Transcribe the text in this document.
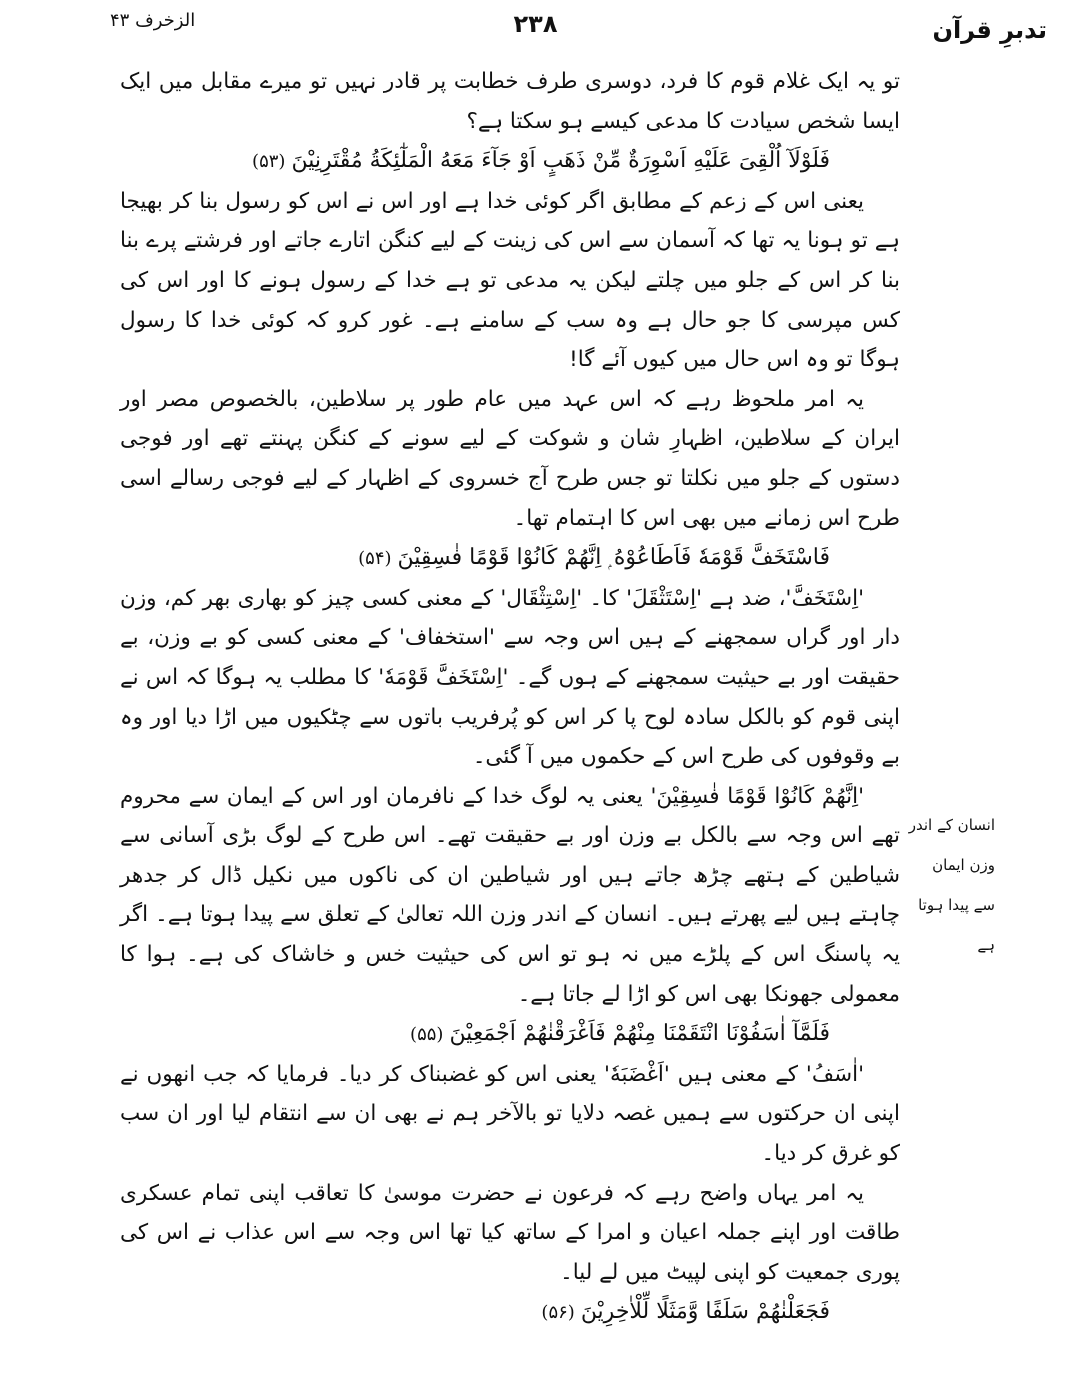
تدبرِ قرآن
۲۳۸
الزخرف ۴۳

تو یہ ایک غلام قوم کا فرد، دوسری طرف خطابت پر قادر نہیں تو میرے مقابل میں ایک ایسا شخص سیادت کا مدعی کیسے ہو سکتا ہے؟

فَلَوْلَآ اُلْقِیَ عَلَیْهِ اَسْوِرَةٌ مِّنْ ذَهَبٍ اَوْ جَآءَ مَعَهُ الْمَلٰٓئِكَةُ مُقْتَرِنِیْنَ(۵۳)

یعنی اس کے زعم کے مطابق اگر کوئی خدا ہے اور اس نے اس کو رسول بنا کر بھیجا ہے تو ہونا یہ تھا کہ آسمان سے اس کی زینت کے لیے کنگن اتارے جاتے اور فرشتے پرے بنا بنا کر اس کے جلو میں چلتے لیکن یہ مدعی تو ہے خدا کے رسول ہونے کا اور اس کی کس مپرسی کا جو حال ہے وہ سب کے سامنے ہے۔ غور کرو کہ کوئی خدا کا رسول ہوگا تو وہ اس حال میں کیوں آئے گا!

یہ امر ملحوظ رہے کہ اس عہد میں عام طور پر سلاطین، بالخصوص مصر اور ایران کے سلاطین، اظہارِ شان و شوکت کے لیے سونے کے کنگن پہنتے تھے اور فوجی دستوں کے جلو میں نکلتا تو جس طرح آج خسروی کے اظہار کے لیے فوجی رسالے اسی طرح اس زمانے میں بھی اس کا اہتمام تھا۔

فَاسْتَخَفَّ قَوْمَهٗ فَاَطَاعُوْهُ ۭ اِنَّهُمْ كَانُوْا قَوْمًا فٰسِقِیْنَ(۵۴)

'اِسْتَخَفَّ'، ضد ہے 'اِسْتَثْقَلَ' کا۔ 'اِسْتِثْقَال' کے معنی کسی چیز کو بھاری بھر کم، وزن دار اور گراں سمجھنے کے ہیں اس وجہ سے 'استخفاف' کے معنی کسی کو بے وزن، بے حقیقت اور بے حیثیت سمجھنے کے ہوں گے۔ 'اِسْتَخَفَّ قَوْمَهٗ' کا مطلب یہ ہوگا کہ اس نے اپنی قوم کو بالکل سادہ لوح پا کر اس کو پُرفریب باتوں سے چٹکیوں میں اڑا دیا اور وہ بے وقوفوں کی طرح اس کے حکموں میں آ گئی۔

'اِنَّهُمْ كَانُوْا قَوْمًا فٰسِقِیْنَ' یعنی یہ لوگ خدا کے نافرمان اور اس کے ایمان سے محروم تھے اس وجہ سے بالکل بے وزن اور بے حقیقت تھے۔ اس طرح کے لوگ بڑی آسانی سے شیاطین کے ہتھے چڑھ جاتے ہیں اور شیاطین ان کی ناکوں میں نکیل ڈال کر جدھر چاہتے ہیں لیے پھرتے ہیں۔ انسان کے اندر وزن اللہ تعالیٰ کے تعلق سے پیدا ہوتا ہے۔ اگر یہ پاسنگ اس کے پلڑے میں نہ ہو تو اس کی حیثیت خس و خاشاک کی ہے۔ ہوا کا معمولی جھونکا بھی اس کو اڑا لے جاتا ہے۔

فَلَمَّآ اٰسَفُوْنَا انْتَقَمْنَا مِنْهُمْ فَاَغْرَقْنٰهُمْ اَجْمَعِیْنَ(۵۵)

'اٰسَفُ' کے معنی ہیں 'اَغْضَبَهٗ' یعنی اس کو غضبناک کر دیا۔ فرمایا کہ جب انھوں نے اپنی ان حرکتوں سے ہمیں غصہ دلایا تو بالآخر ہم نے بھی ان سے انتقام لیا اور ان سب کو غرق کر دیا۔

یہ امر یہاں واضح رہے کہ فرعون نے حضرت موسیٰ کا تعاقب اپنی تمام عسکری طاقت اور اپنے جملہ اعیان و امرا کے ساتھ کیا تھا اس وجہ سے اس عذاب نے اس کی پوری جمعیت کو اپنی لپیٹ میں لے لیا۔

فَجَعَلْنٰهُمْ سَلَفًا وَّمَثَلًا لِّلْاٰخِرِیْنَ(۵۶)

انسان کے اندر
وزن ایمان
سے پیدا ہوتا ہے
